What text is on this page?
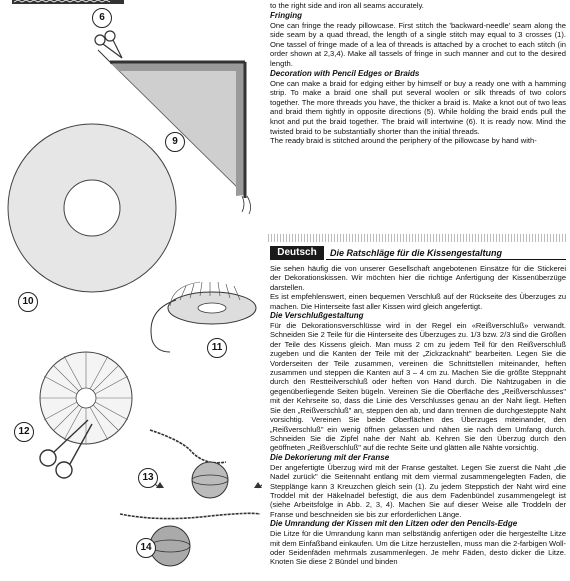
6
9
10
11
12
13
14

to the right side and iron all seams accurately.

Fringing

One can fringe the ready pillowcase. First stitch the 'backward-needle' seam along the side seam by a quad thread, the length of a single stitch may equal to 3 crosses (1). One tassel of fringe made of a lea of threads is attached by a crochet to each stitch (in order shown at 2,3,4). Make all tassels of fringe in such manner and cut to the desired length.

Decoration with Pencil Edges or Braids

One can make a braid for edging either by himself or buy a ready one with a hamming strip. To make a braid one shall put several woolen or silk threads of two colors together. The more threads you have, the thicker a braid is. Make a knot out of two leas and braid them tightly in opposite directions (5). While holding the braid ends pull the knot and put the braid together. The braid will intertwine (6). It is ready now. Mind the twisted braid to be substantially shorter than the initial threads.

The ready braid is stitched around the periphery of the pillowcase by hand with-

Deutsch	Die Ratschläge für die Kissengestaltung

Sie sehen häufig die von unserer Gesellschaft angebotenen Einsätze für die Stickerei der Dekorationskissen. Wir möchten hier die richtige Anfertigung der Kissenüberzüge darstellen.

Es ist empfehlenswert, einen bequemen Verschluß auf der Rückseite des Überzuges zu machen. Die Hinterseite fast aller Kissen wird gleich angefertigt.

Die Verschlußgestaltung

Für die Dekorationsverschlüsse wird in der Regel ein «Reißverschluß» verwandt. Schneiden Sie 2 Teile für die Hinterseite des Überzuges zu. 1/3 bzw. 2/3 sind die Größen der Teile des Kissens gleich. Man muss 2 cm zu jedem Teil für den Reißverschluß zugeben und die Kanten der Teile mit der „Zickzacknaht" bearbeiten. Legen Sie die Vorderseiten der Teile zusammen, vereinen die Schnittstellen miteinander, heften zusammen und steppen die Kanten auf 3 – 4 cm zu. Machen Sie die größte Steppnaht durch den Restteilverschluß oder heften von Hand durch. Die Nahtzugaben in die gegenüberliegende Seiten bügeln. Vereinen Sie die Oberfläche des „Reißverschlusses" mit der Kehrseite so, dass die Linie des Verschlusses genau an der Naht liegt. Heften Sie den „Reißverschluß" an, steppen den ab, und dann trennen die durchgesteppte Naht vorsichtig. Vereinen Sie beide Oberflächen des Überzuges miteinander, den „Reißverschluß" ein wenig öffnen gelassen und nähen sie nach dem Umfang durch. Schneiden Sie die Zipfel nahe der Naht ab. Kehren Sie den Überzug durch den geöffneten „Reißverschluß" auf die rechte Seite und glätten alle Nähte vorsichtig.

Die Dekorierung mit der Franse

Der angefertigte Überzug wird mit der Franse gestaltet. Legen Sie zuerst die Naht „die Nadel zurück" die Seitennaht entlang mit dem viermal zusammengelegten Faden, die Stepplänge kann 3 Kreuzchen gleich sein (1). Zu jedem Steppstich der Naht wird eine Troddel mit der Häkelnadel befestigt, die aus dem Fadenbündel zusammengelegt ist (siehe Arbeitsfolge in Abb. 2, 3, 4). Machen Sie auf dieser Weise alle Troddeln der Franse und beschneiden sie bis zur erforderlichen Länge.

Die Umrandung der Kissen mit den Litzen oder den Pencils-Edge

Die Litze für die Umrandung kann man selbständig anfertigen oder die hergestellte Litze mit dem Einfaßband einkaufen. Um die Litze herzustellen, muss man die 2-farbigen Woll- oder Seidenfäden mehrmals zusammenlegen. Je mehr Fäden, desto dicker die Litze. Knoten Sie diese 2 Bündel und binden
